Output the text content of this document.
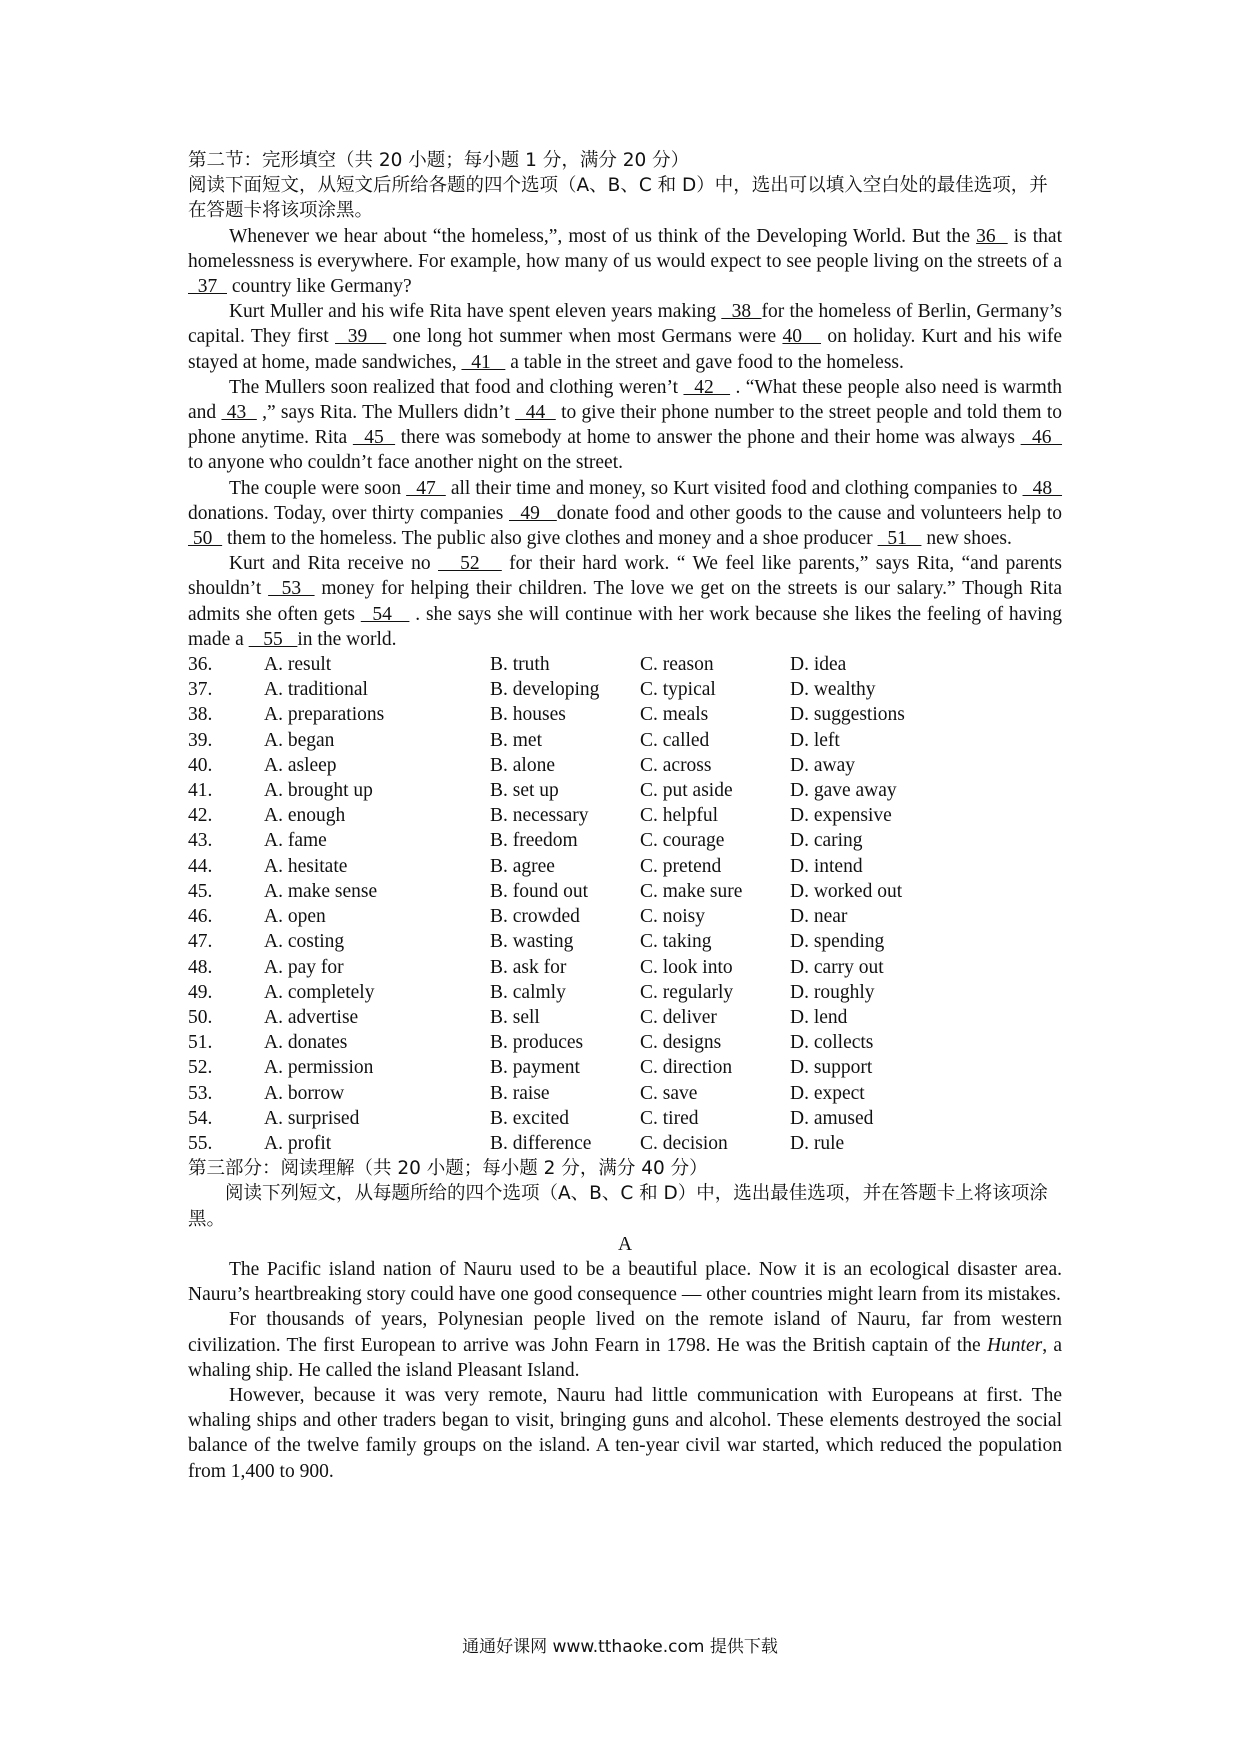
第二节：完形填空（共 20 小题；每小题 1 分，满分 20 分）

阅读下面短文，从短文后所给各题的四个选项（A、B、C 和 D）中，选出可以填入空白处的最佳选项，并在答题卡将该项涂黑。

Whenever we hear about “the homeless,”, most of us think of the Developing World. But the 36   is that homelessness is everywhere. For example, how many of us would expect to see people living on the streets of a   37   country like Germany?

Kurt Muller and his wife Rita have spent eleven years making   38  for the homeless of Berlin, Germany’s capital. They first   39    one long hot summer when most Germans were 40    on holiday. Kurt and his wife stayed at home, made sandwiches,   41    a table in the street and gave food to the homeless.

The Mullers soon realized that food and clothing weren’t   42    . “What these people also need is warmth and  43   ,” says Rita. The Mullers didn’t   44   to give their phone number to the street people and told them to phone anytime. Rita   45   there was somebody at home to answer the phone and their home was always   46   to anyone who couldn’t face another night on the street.

The couple were soon   47   all their time and money, so Kurt visited food and clothing companies to   48   donations. Today, over thirty companies   49   donate food and other goods to the cause and volunteers help to  50   them to the homeless. The public also give clothes and money and a shoe producer   51    new shoes.

Kurt and Rita receive no    52    for their hard work. “ We feel like parents,” says Rita, “and parents shouldn’t   53   money for helping their children. The love we get on the streets is our salary.” Though Rita admits she often gets   54    . she says she will continue with her work because she likes the feeling of having made a    55   in the world.

36.	A. result	B. truth	C. reason	D. idea
37.	A. traditional	B. developing	C. typical	D. wealthy
38.	A. preparations	B. houses	C. meals	D. suggestions
39.	A. began	B. met	C. called	D. left
40.	A. asleep	B. alone	C. across	D. away
41.	A. brought up	B. set up	C. put aside	D. gave away
42.	A. enough	B. necessary	C. helpful	D. expensive
43.	A. fame	B. freedom	C. courage	D. caring
44.	A. hesitate	B. agree	C. pretend	D. intend
45.	A. make sense	B. found out	C. make sure	D. worked out
46.	A. open	B. crowded	C. noisy	D. near
47.	A. costing	B. wasting	C. taking	D. spending
48.	A. pay for	B. ask for	C. look into	D. carry out
49.	A. completely	B. calmly	C. regularly	D. roughly
50.	A. advertise	B. sell	C. deliver	D. lend
51.	A. donates	B. produces	C. designs	D. collects
52.	A. permission	B. payment	C. direction	D. support
53.	A. borrow	B. raise	C. save	D. expect
54.	A. surprised	B. excited	C. tired	D. amused
55.	A. profit	B. difference	C. decision	D. rule

第三部分：阅读理解（共 20 小题；每小题 2 分，满分 40 分）

阅读下列短文，从每题所给的四个选项（A、B、C 和 D）中，选出最佳选项，并在答题卡上将该项涂黑。

A

The Pacific island nation of Nauru used to be a beautiful place. Now it is an ecological disaster area. Nauru’s heartbreaking story could have one good consequence — other countries might learn from its mistakes.

For thousands of years, Polynesian people lived on the remote island of Nauru, far from western civilization. The first European to arrive was John Fearn in 1798. He was the British captain of the Hunter, a whaling ship. He called the island Pleasant Island.

However, because it was very remote, Nauru had little communication with Europeans at first. The whaling ships and other traders began to visit, bringing guns and alcohol. These elements destroyed the social balance of the twelve family groups on the island. A ten-year civil war started, which reduced the population from 1,400 to 900.

通通好课网 www.tthaoke.com 提供下载
